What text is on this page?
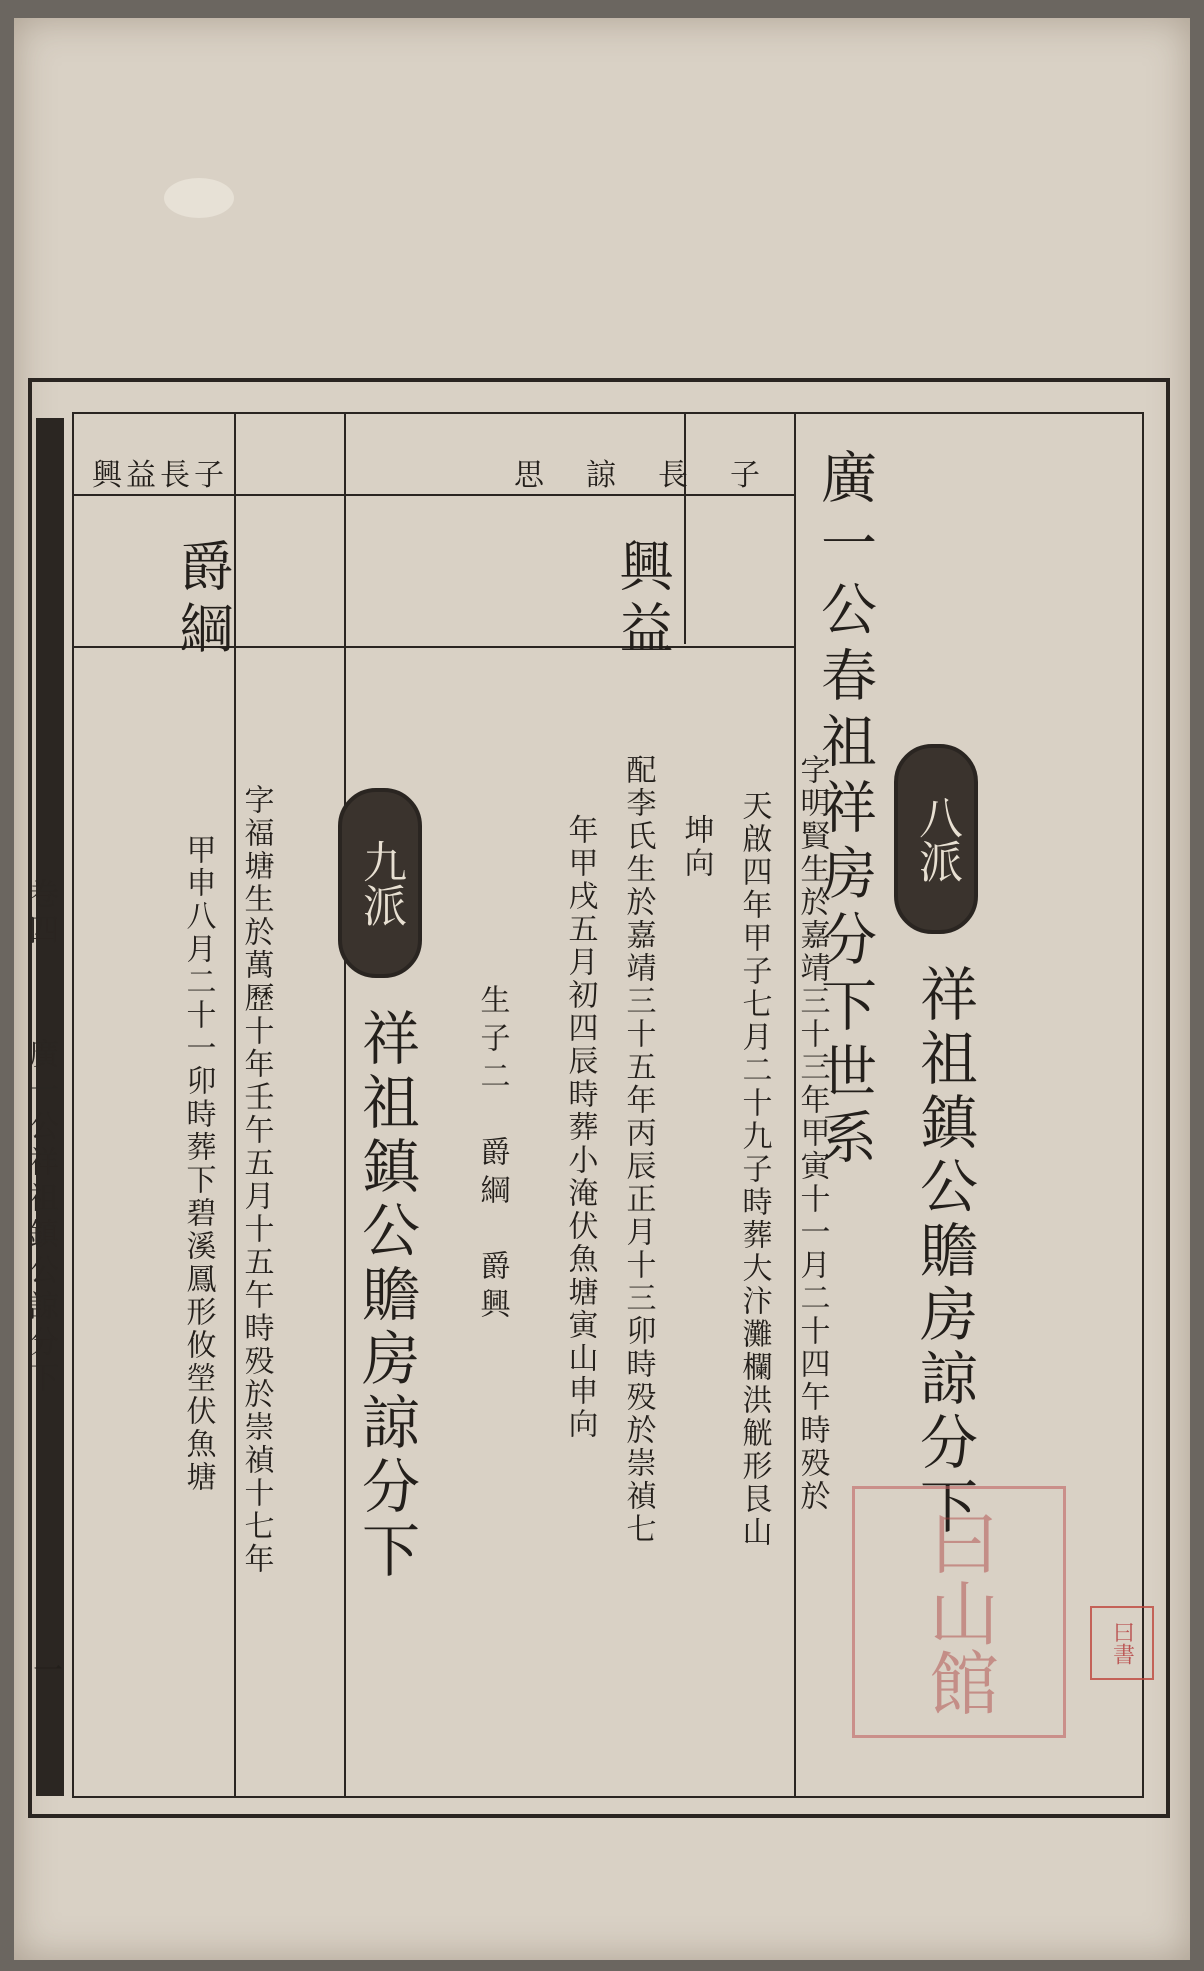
廣一公春祖祥房分下世系
思諒長子
興益長子
興益
爵綱
八派
祥祖鎮公贍房諒分下
字明賢生於嘉靖三十三年甲寅十一月二十四午時殁於
天啟四年甲子七月二十九子時葬大汴灘欄洪觥形艮山
坤向
配李氏生於嘉靖三十五年丙辰正月十三卯時殁於崇禎七
年甲戌五月初四辰時葬小淹伏魚塘寅山申向
生子二　爵綱　爵興
九派
祥祖鎮公贍房諒分下
字福塘生於萬歷十年壬午五月十五午時殁於崇禎十七年
甲申八月二十一卯時葬下碧溪鳳形攸塋伏魚塘
卷四
廣一公祥祖鎮公諒分下
一	曰山館	曰書
